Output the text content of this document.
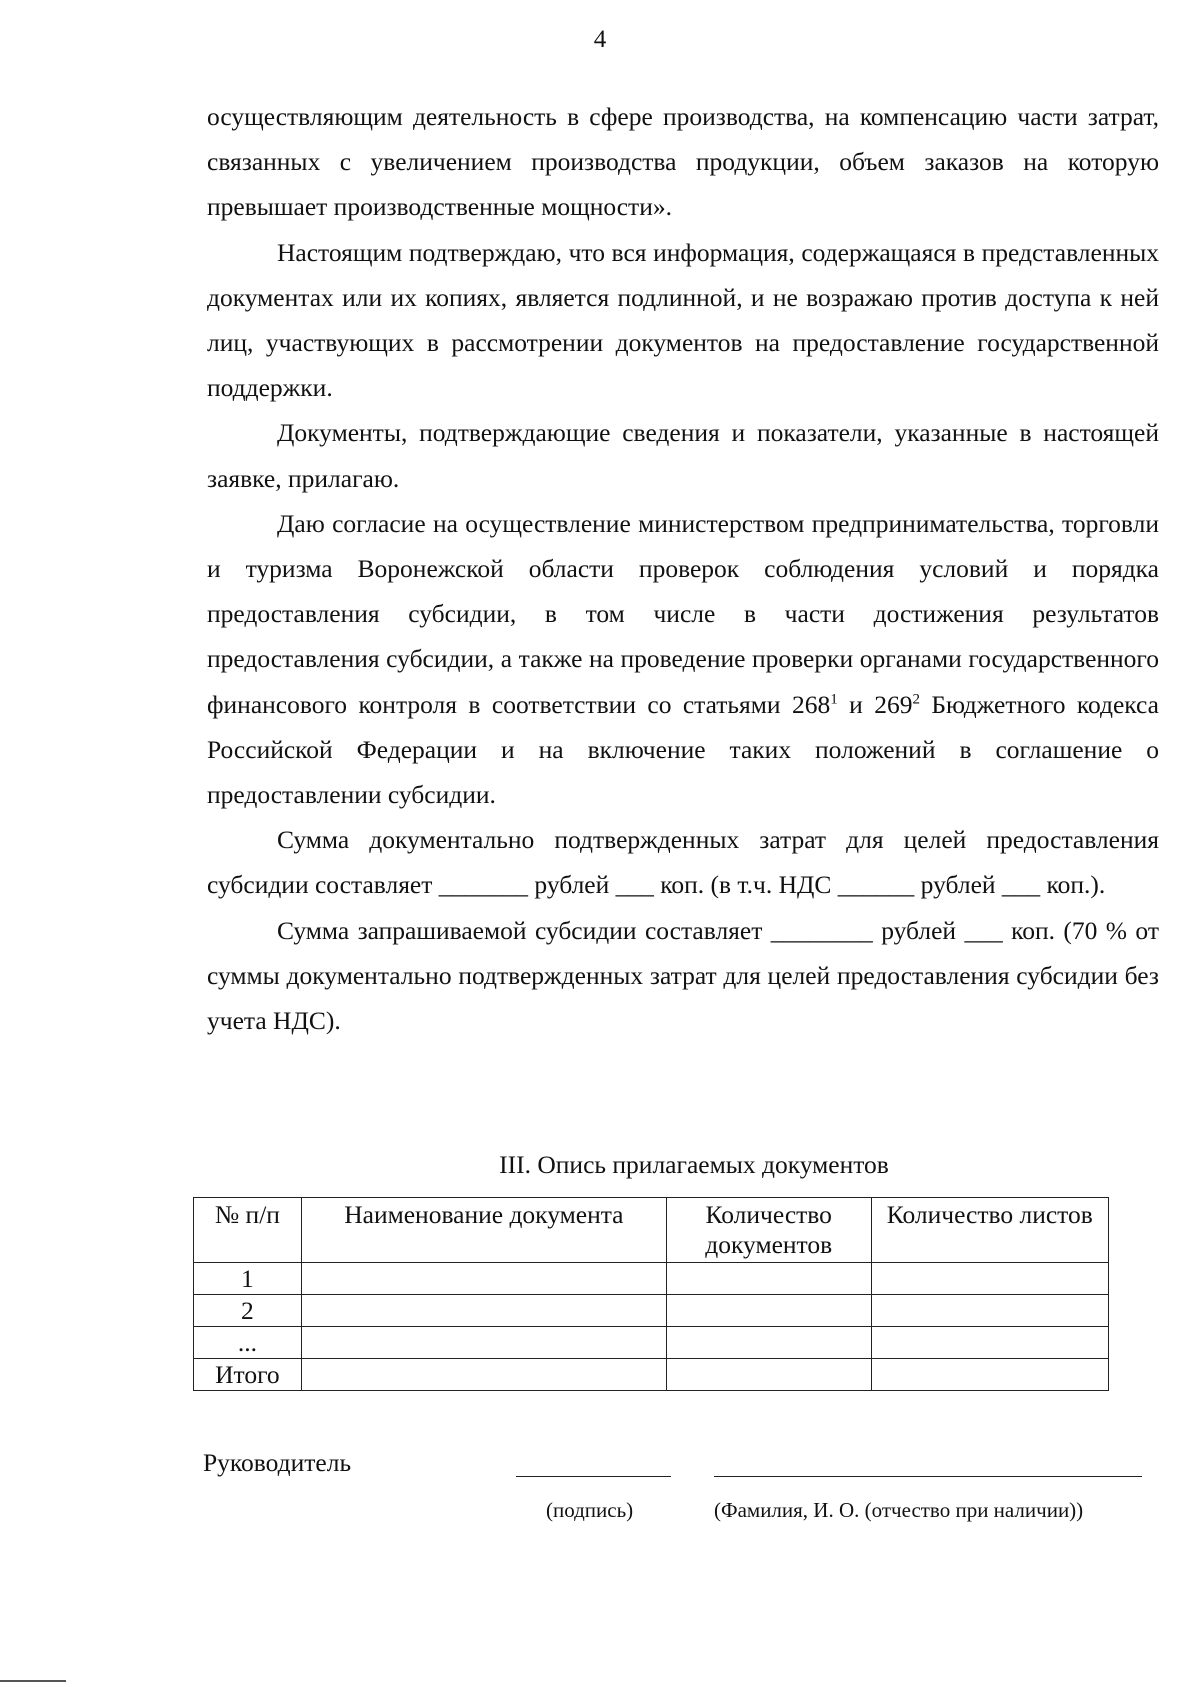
4

осуществляющим деятельность в сфере производства, на компенсацию части затрат, связанных с увеличением производства продукции, объем заказов на которую превышает производственные мощности».

Настоящим подтверждаю, что вся информация, содержащаяся в представленных документах или их копиях, является подлинной, и не возражаю против доступа к ней лиц, участвующих в рассмотрении документов на предоставление государственной поддержки.

Документы, подтверждающие сведения и показатели, указанные в настоящей заявке, прилагаю.

Даю согласие на осуществление министерством предпринимательства, торговли и туризма Воронежской области проверок соблюдения условий и порядка предоставления субсидии, в том числе в части достижения результатов предоставления субсидии, а также на проведение проверки органами государственного финансового контроля в соответствии со статьями $268^1$ и $269^2$ Бюджетного кодекса Российской Федерации и на включение таких положений в соглашение о предоставлении субсидии.

Сумма документально подтвержденных затрат для целей предоставления субсидии составляет _______ рублей ___ коп. (в т.ч. НДС ______ рублей ___ коп.).

Сумма запрашиваемой субсидии составляет ________ рублей ___ коп. (70 % от суммы документально подтвержденных затрат для целей предоставления субсидии без учета НДС).

III. Опись прилагаемых документов
№ п/п	Наименование документа	Количество документов	Количество листов
1			
2			
...			
Итого			
Руководитель
(подпись)	(Фамилия, И. О. (отчество при наличии))
